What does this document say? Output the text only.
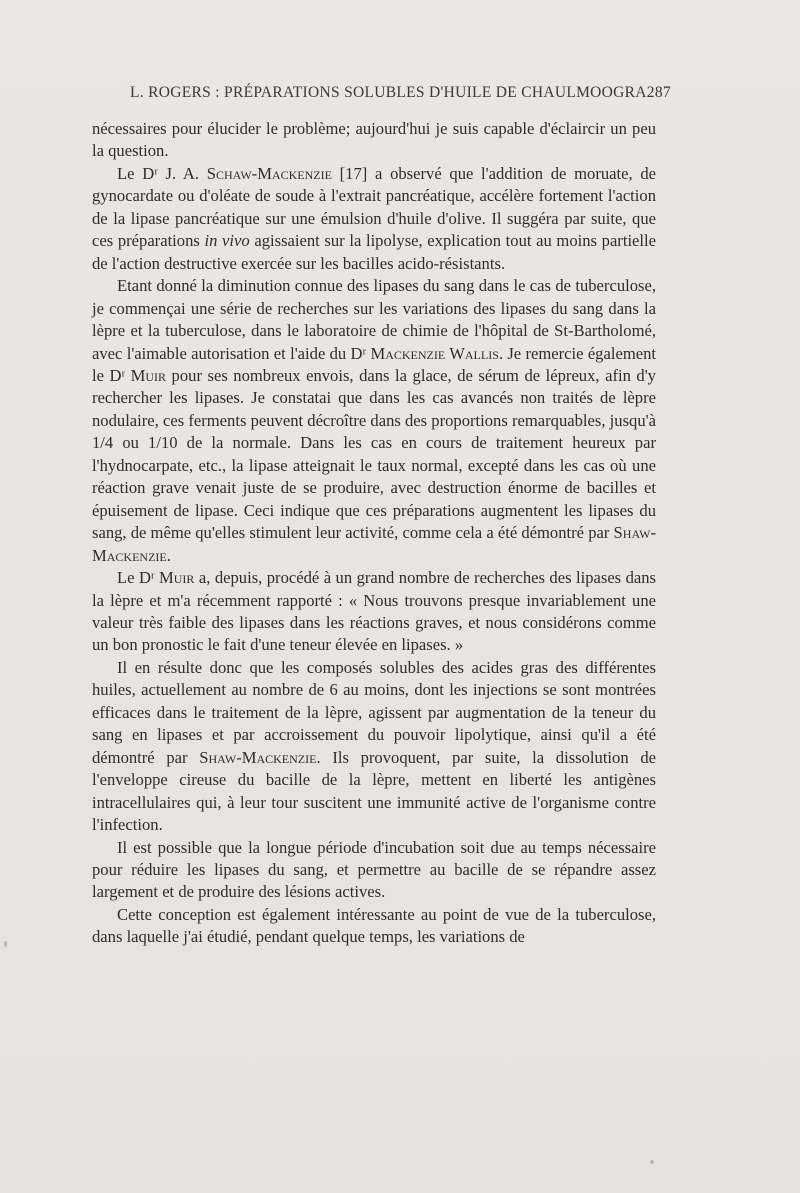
L. ROGERS : PRÉPARATIONS SOLUBLES D'HUILE DE CHAULMOOGRA 287

nécessaires pour élucider le problème; aujourd'hui je suis capable d'éclaircir un peu la question.

Le Dʳ J. A. Schaw-Mackenzie [17] a observé que l'addition de moruate, de gynocardate ou d'oléate de soude à l'extrait pancréatique, accélère fortement l'action de la lipase pancréatique sur une émulsion d'huile d'olive. Il suggéra par suite, que ces préparations in vivo agissaient sur la lipolyse, explication tout au moins partielle de l'action destructive exercée sur les bacilles acido-résistants.

Etant donné la diminution connue des lipases du sang dans le cas de tuberculose, je commençai une série de recherches sur les variations des lipases du sang dans la lèpre et la tuberculose, dans le laboratoire de chimie de l'hôpital de St-Bartholomé, avec l'aimable autorisation et l'aide du Dʳ Mackenzie Wallis. Je remercie également le Dʳ Muir pour ses nombreux envois, dans la glace, de sérum de lépreux, afin d'y rechercher les lipases. Je constatai que dans les cas avancés non traités de lèpre nodulaire, ces ferments peuvent décroître dans des proportions remarquables, jusqu'à 1/4 ou 1/10 de la normale. Dans les cas en cours de traitement heureux par l'hydnocarpate, etc., la lipase atteignait le taux normal, excepté dans les cas où une réaction grave venait juste de se produire, avec destruction énorme de bacilles et épuisement de lipase. Ceci indique que ces préparations augmentent les lipases du sang, de même qu'elles stimulent leur activité, comme cela a été démontré par Shaw-Mackenzie.

Le Dʳ Muir a, depuis, procédé à un grand nombre de recherches des lipases dans la lèpre et m'a récemment rapporté : « Nous trouvons presque invariablement une valeur très faible des lipases dans les réactions graves, et nous considérons comme un bon pronostic le fait d'une teneur élevée en lipases. »

Il en résulte donc que les composés solubles des acides gras des différentes huiles, actuellement au nombre de 6 au moins, dont les injections se sont montrées efficaces dans le traitement de la lèpre, agissent par augmentation de la teneur du sang en lipases et par accroissement du pouvoir lipolytique, ainsi qu'il a été démontré par Shaw-Mackenzie. Ils provoquent, par suite, la dissolution de l'enveloppe cireuse du bacille de la lèpre, mettent en liberté les antigènes intracellulaires qui, à leur tour suscitent une immunité active de l'organisme contre l'infection.

Il est possible que la longue période d'incubation soit due au temps nécessaire pour réduire les lipases du sang, et permettre au bacille de se répandre assez largement et de produire des lésions actives.

Cette conception est également intéressante au point de vue de la tuberculose, dans laquelle j'ai étudié, pendant quelque temps, les variations de
